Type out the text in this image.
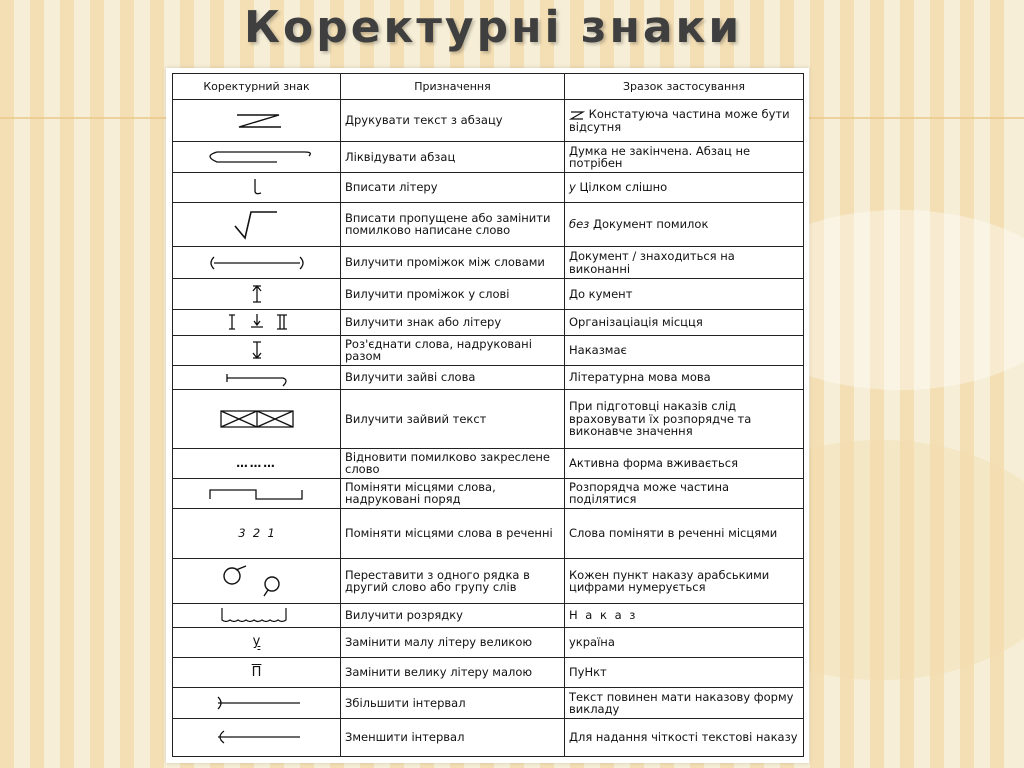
Коректурні знаки
Коректурний знак	Призначення	Зразок застосування

	Друкувати текст з абзацу	Констатуюча частина може бути відсутня

	Ліквідувати абзац	Думка не закінчена. Абзац не потрібен

	Вписати літеру	у Цілком слішно

	Вписати пропущене або замінити помилково написане слово	без Документ помилок

	Вилучити проміжок між словами	Документ / знаходиться на виконанні

	Вилучити проміжок у слові	До кумент

	Вилучити знак або літеру	Організаціація місцця

	Роз'єднати слова, надруковані разом	Наказмає

	Вилучити зайві слова	Літературна мова мова

	Вилучити зайвий текст	При підготовці наказів слід враховувати їх розпорядче та виконавче значення
………	Відновити помилково закреслене слово	Активна форма вживається

	Поміняти місцями слова, надруковані поряд	Розпорядча може частина поділятися
3  2  1	Поміняти місцями слова в реченні	Слова поміняти в реченні місцями

	Переставити з одного рядка в другий слово або групу слів	Кожен пункт наказу арабськими цифрами нумерується

	Вилучити розрядку	Н а к а з
у	Замінити малу літеру великою	україна
П	Замінити велику літеру малою	ПуНкт

	Збільшити інтервал	Текст повинен мати наказову форму викладу

	Зменшити інтервал	Для надання чіткості текстові наказу
